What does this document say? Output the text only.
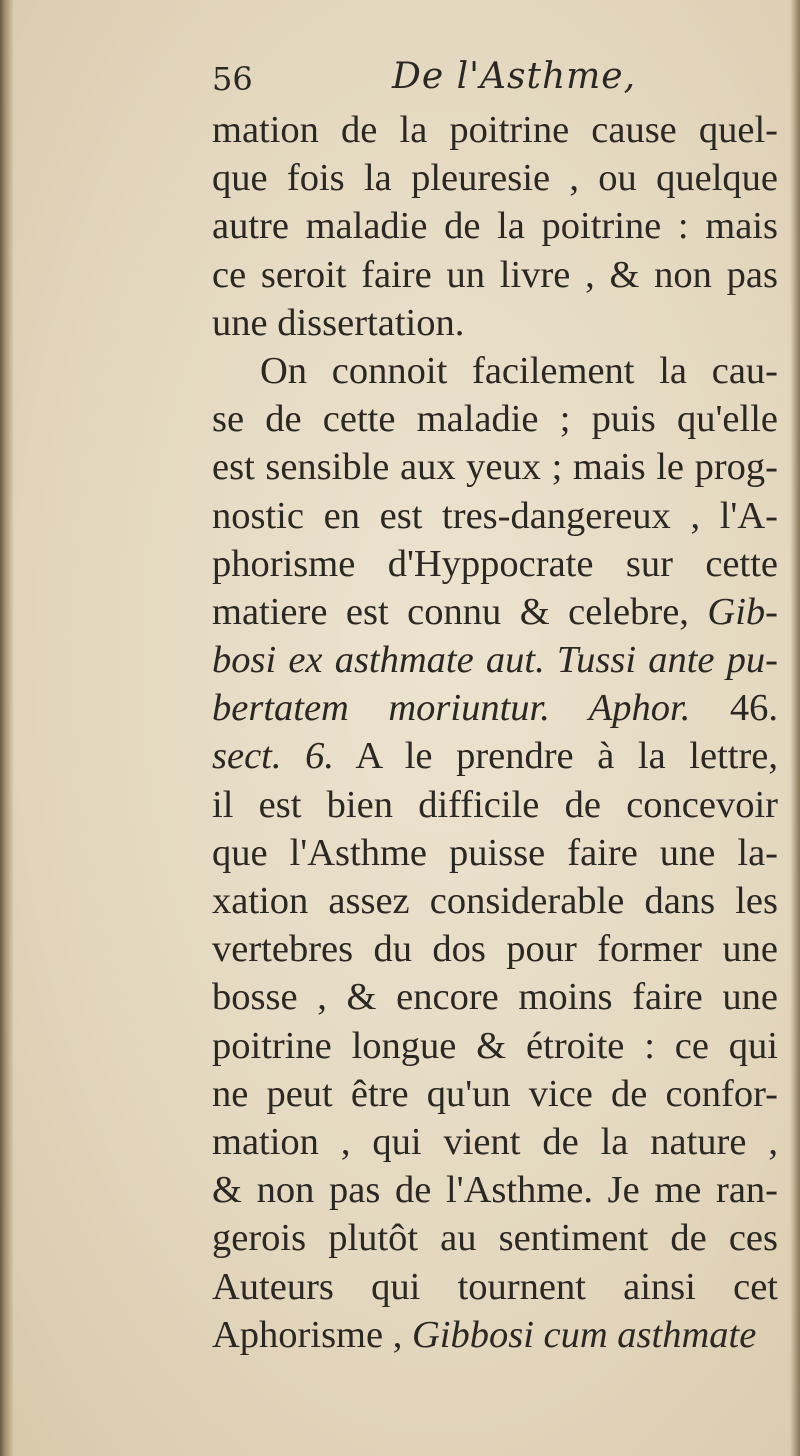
56	De l'Asthme,
mation de la poitrine cause quel-
que fois la pleuresie , ou quelque
autre maladie de la poitrine : mais
ce seroit faire un livre , & non pas
une dissertation.
On connoit facilement la cau-
se de cette maladie ; puis qu'elle
est sensible aux yeux ; mais le prog-
nostic en est tres-dangereux , l'A-
phorisme d'Hyppocrate sur cette
matiere est connu & celebre, Gib-
bosi ex asthmate aut. Tussi ante pu-
bertatem moriuntur. Aphor. 46.
sect. 6. A le prendre à la lettre,
il est bien difficile de concevoir
que l'Asthme puisse faire une la-
xation assez considerable dans les
vertebres du dos pour former une
bosse , & encore moins faire une
poitrine longue & étroite : ce qui
ne peut être qu'un vice de confor-
mation , qui vient de la nature ,
& non pas de l'Asthme. Je me ran-
gerois plutôt au sentiment de ces
Auteurs qui tournent ainsi cet
Aphorisme , Gibbosi cum asthmate
